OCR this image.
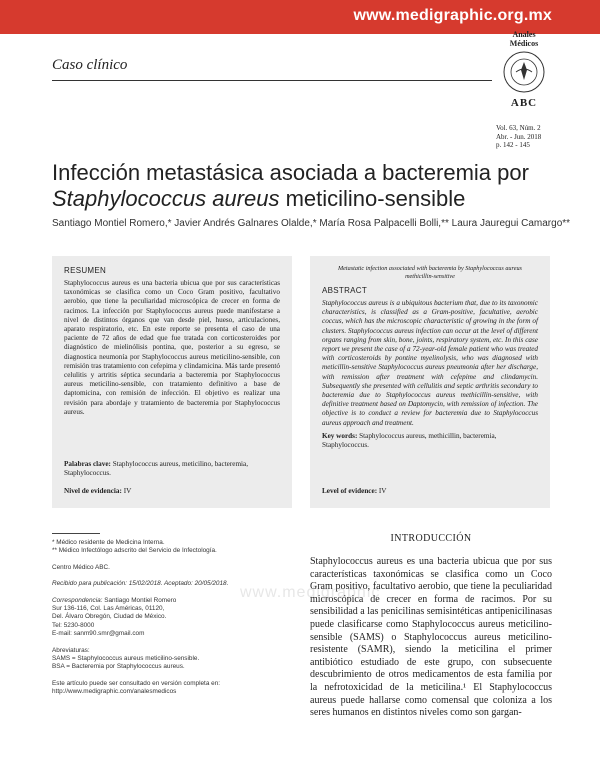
www.medigraphic.org.mx
Caso clínico
Anales
Médicos
ABC
Vol. 63, Núm. 2
Abr. - Jun. 2018
p. 142 - 145
Infección metastásica asociada a bacteremia por
Staphylococcus aureus meticilino-sensible
Santiago Montiel Romero,* Javier Andrés Galnares Olalde,* María Rosa Palpacelli Bolli,** Laura Jauregui Camargo**
RESUMEN
Staphylococcus aureus es una bacteria ubicua que por sus características taxonómicas se clasifica como un Coco Gram positivo, facultativo aerobio, que tiene la peculiaridad microscópica de crecer en forma de racimos. La infección por Staphylococcus aureus puede manifestarse a nivel de distintos órganos que van desde piel, hueso, articulaciones, aparato respiratorio, etc. En este reporte se presenta el caso de una paciente de 72 años de edad que fue tratada con corticosteroides por diagnóstico de mielinólisis pontina, que, posterior a su egreso, se diagnostica neumonía por Staphylococcus aureus meticilino-sensible, con remisión tras tratamiento con cefepima y clindamicina. Más tarde presentó celulitis y artritis séptica secundaria a bacteremia por Staphylococcus aureus meticilino-sensible, con tratamiento definitivo a base de daptomicina, con remisión de infección. El objetivo es realizar una revisión para abordaje y tratamiento de bacteremia por Staphylococcus aureus.
Palabras clave: Staphylococcus aureus, meticilino, bacteremia, Staphylococcus.
Nivel de evidencia: IV
Metastatic infection associated with bacteremia by Staphylococcus aureus methicillin-sensitive
ABSTRACT
Staphylococcus aureus is a ubiquitous bacterium that, due to its taxonomic characteristics, is classified as a Gram-positive, facultative, aerobic coccus, which has the microscopic characteristic of growing in the form of clusters. Staphylococcus aureus infection can occur at the level of different organs ranging from skin, bone, joints, respiratory system, etc. In this case report we present the case of a 72-year-old female patient who was treated with corticosteroids by pontine myelinolysis, who was diagnosed with meticillin-sensitive Staphylococcus aureus pneumonia after her discharge, with remission after treatment with cefepime and clindamycin. Subsequently she presented with cellulitis and septic arthritis secondary to bacteremia due to Staphylococcus aureus methicillin-sensitive, with definitive treatment based on Daptomycin, with remission of infection. The objective is to conduct a review for bacteremia due to Staphylococcus aureus approach and treatment.
Key words: Staphylococcus aureus, methicillin, bacteremia, Staphylococcus.
Level of evidence: IV
* Médico residente de Medicina Interna.
** Médico Infectólogo adscrito del Servicio de Infectología.
Centro Médico ABC.
Recibido para publicación: 15/02/2018. Aceptado: 20/05/2018.
Correspondencia: Santiago Montiel Romero
Sur 136-116, Col. Las Américas, 01120,
Del. Álvaro Obregón, Ciudad de México.
Tel: 5230-8000
E-mail: sanm90.smr@gmail.com
Abreviaturas:
SAMS = Staphylococcus aureus meticilino-sensible.
BSA = Bacteremia por Staphylococcus aureus.
Este artículo puede ser consultado en versión completa en:
http://www.medigraphic.com/analesmedicos
www.medigraphic
INTRODUCCIÓN
Staphylococcus aureus es una bacteria ubicua que por sus características taxonómicas se clasifica como un Coco Gram positivo, facultativo aerobio, que tiene la peculiaridad microscópica de crecer en forma de racimos. Por su sensibilidad a las penicilinas semisintéticas antipenicilinasas puede clasificarse como Staphylococcus aureus meticilino-sensible (SAMS) o Staphylococcus aureus meticilino-resistente (SAMR), siendo la meticilina el primer antibiótico estudiado de este grupo, con subsecuente descubrimiento de otros medicamentos de esta familia por la nefrotoxicidad de la meticilina.¹ El Staphylococcus aureus puede hallarse como comensal que coloniza a los seres humanos en distintos niveles como son gargan-
